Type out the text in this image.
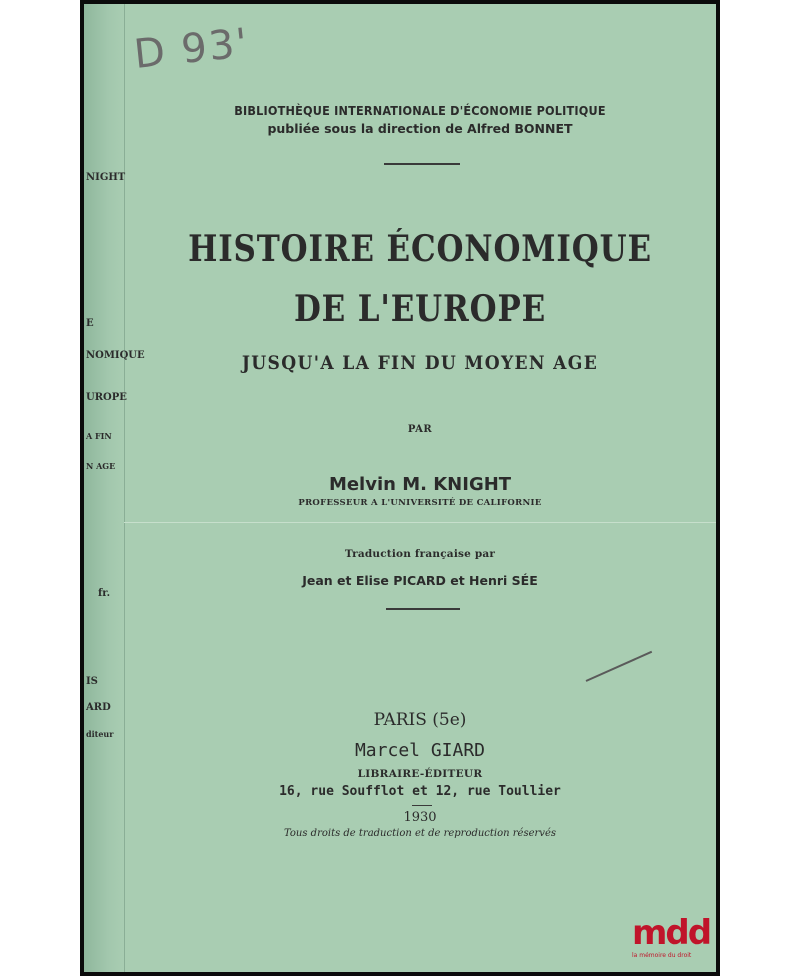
NIGHT
E
NOMIQUE
UROPE
A FIN
N AGE
fr.
IS
ARD
diteur
D 93'
BIBLIOTHÈQUE INTERNATIONALE D'ÉCONOMIE POLITIQUE
publiée sous la direction de Alfred BONNET
HISTOIRE ÉCONOMIQUE
DE L'EUROPE
JUSQU'A LA FIN DU MOYEN AGE
PAR
Melvin M. KNIGHT
PROFESSEUR A L'UNIVERSITÉ DE CALIFORNIE
Traduction française par
Jean et Elise PICARD et Henri SÉE
PARIS (5e)
Marcel GIARD
LIBRAIRE-ÉDITEUR
16, rue Soufflot et 12, rue Toullier
1930
Tous droits de traduction et de reproduction réservés
mdd
la mémoire du droit
